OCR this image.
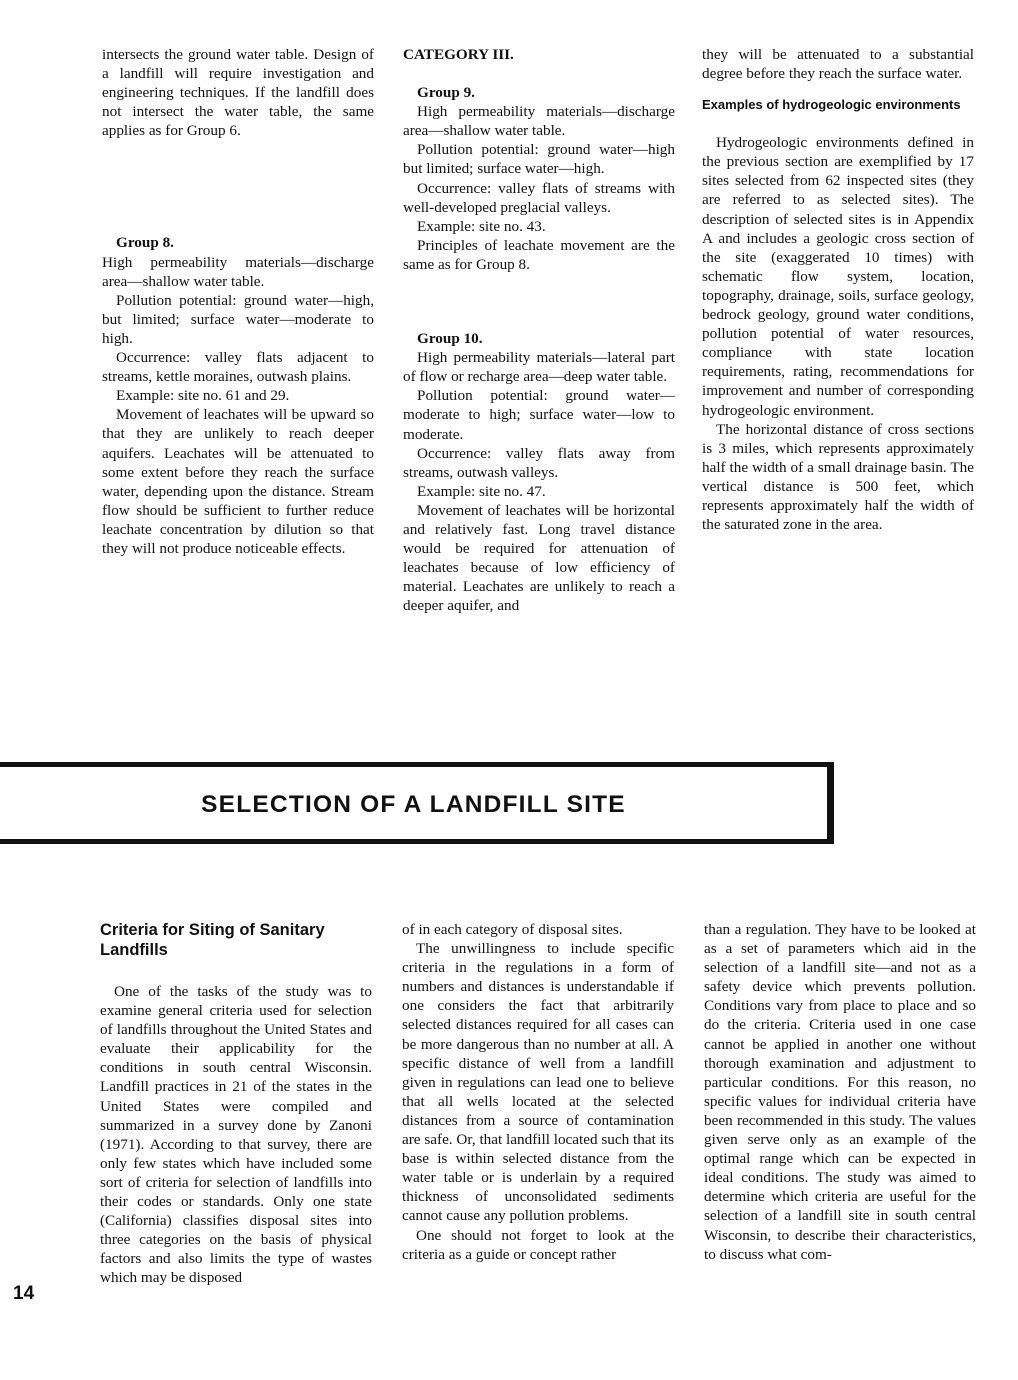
intersects the ground water table. Design of a landfill will require investigation and engineering techniques. If the landfill does not intersect the water table, the same applies as for Group 6.

Group 8.

High permeability materials—discharge area—shallow water table.

Pollution potential: ground water—high, but limited; surface water—moderate to high.

Occurrence: valley flats adjacent to streams, kettle moraines, outwash plains.

Example: site no. 61 and 29.

Movement of leachates will be upward so that they are unlikely to reach deeper aquifers. Leachates will be attenuated to some extent before they reach the surface water, depending upon the distance. Stream flow should be sufficient to further reduce leachate concentration by dilution so that they will not produce noticeable effects.

CATEGORY III.

Group 9.

High permeability materials—discharge area—shallow water table.

Pollution potential: ground water—high but limited; surface water—high.

Occurrence: valley flats of streams with well-developed preglacial valleys.

Example: site no. 43.

Principles of leachate movement are the same as for Group 8.

Group 10.

High permeability materials—lateral part of flow or recharge area—deep water table.

Pollution potential: ground water—moderate to high; surface water—low to moderate.

Occurrence: valley flats away from streams, outwash valleys.

Example: site no. 47.

Movement of leachates will be horizontal and relatively fast. Long travel distance would be required for attenuation of leachates because of low efficiency of material. Leachates are unlikely to reach a deeper aquifer, and

they will be attenuated to a substantial degree before they reach the surface water.

Examples of hydrogeologic environments

Hydrogeologic environments defined in the previous section are exemplified by 17 sites selected from 62 inspected sites (they are referred to as selected sites). The description of selected sites is in Appendix A and includes a geologic cross section of the site (exaggerated 10 times) with schematic flow system, location, topography, drainage, soils, surface geology, bedrock geology, ground water conditions, pollution potential of water resources, compliance with state location requirements, rating, recommendations for improvement and number of corresponding hydrogeologic environment.

The horizontal distance of cross sections is 3 miles, which represents approximately half the width of a small drainage basin. The vertical distance is 500 feet, which represents approximately half the width of the saturated zone in the area.

SELECTION OF A LANDFILL SITE

Criteria for Siting of Sanitary Landfills

One of the tasks of the study was to examine general criteria used for selection of landfills throughout the United States and evaluate their applicability for the conditions in south central Wisconsin. Landfill practices in 21 of the states in the United States were compiled and summarized in a survey done by Zanoni (1971). According to that survey, there are only few states which have included some sort of criteria for selection of landfills into their codes or standards. Only one state (California) classifies disposal sites into three categories on the basis of physical factors and also limits the type of wastes which may be disposed

of in each category of disposal sites.

The unwillingness to include specific criteria in the regulations in a form of numbers and distances is understandable if one considers the fact that arbitrarily selected distances required for all cases can be more dangerous than no number at all. A specific distance of well from a landfill given in regulations can lead one to believe that all wells located at the selected distances from a source of contamination are safe. Or, that landfill located such that its base is within selected distance from the water table or is underlain by a required thickness of unconsolidated sediments cannot cause any pollution problems.

One should not forget to look at the criteria as a guide or concept rather

than a regulation. They have to be looked at as a set of parameters which aid in the selection of a landfill site—and not as a safety device which prevents pollution. Conditions vary from place to place and so do the criteria. Criteria used in one case cannot be applied in another one without thorough examination and adjustment to particular conditions. For this reason, no specific values for individual criteria have been recommended in this study. The values given serve only as an example of the optimal range which can be expected in ideal conditions. The study was aimed to determine which criteria are useful for the selection of a landfill site in south central Wisconsin, to describe their characteristics, to discuss what com-

14
